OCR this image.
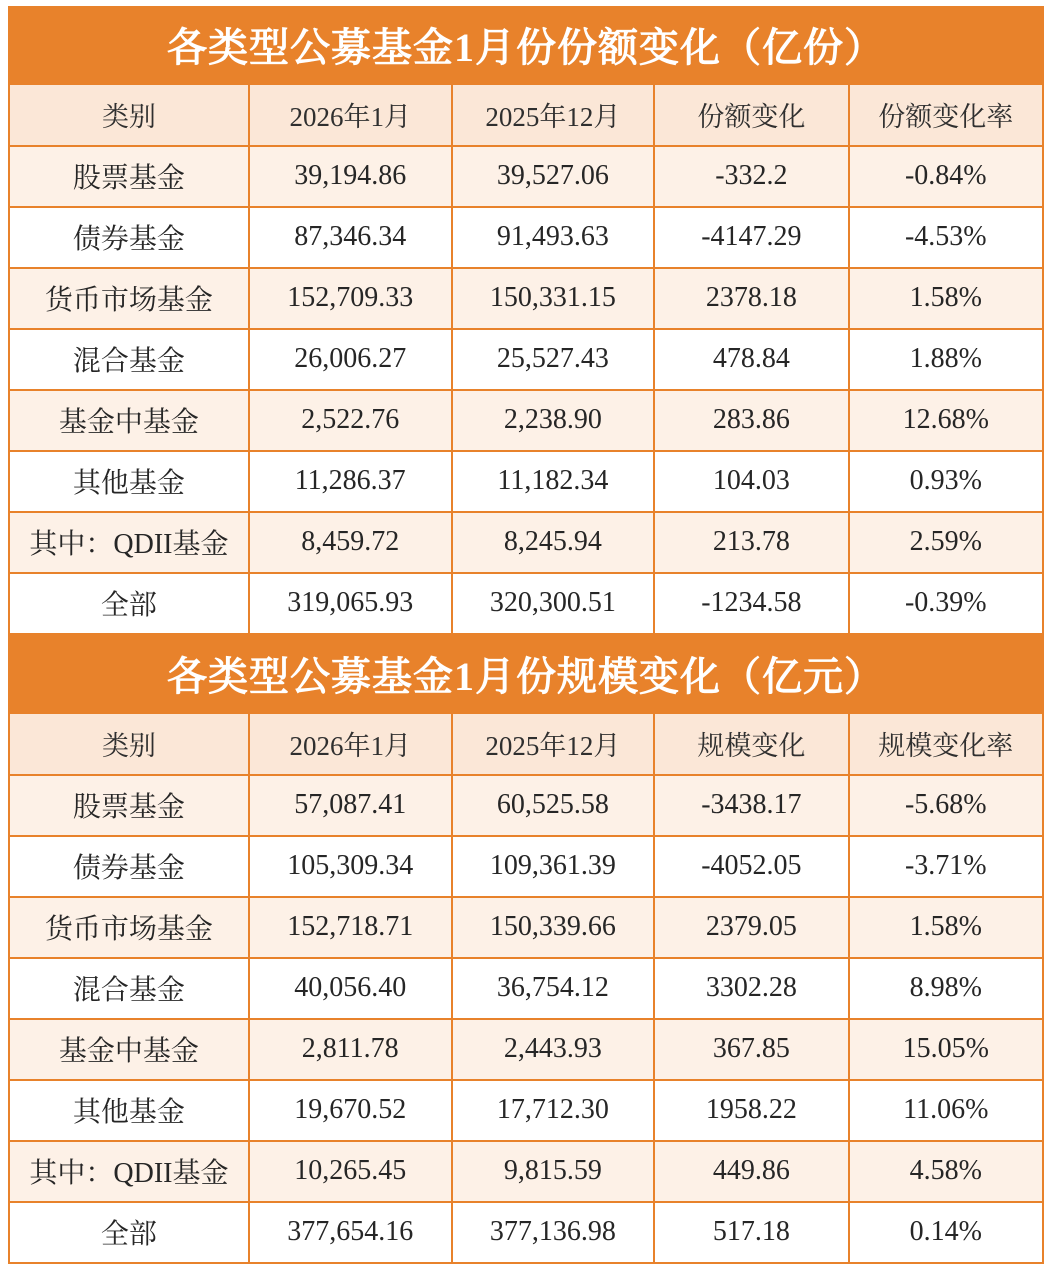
各类型公募基金1月份份额变化（亿份）				
类别	2026年1月	2025年12月	份额变化	份额变化率
股票基金	39,194.86	39,527.06	-332.2	-0.84%
债券基金	87,346.34	91,493.63	-4147.29	-4.53%
货币市场基金	152,709.33	150,331.15	2378.18	1.58%
混合基金	26,006.27	25,527.43	478.84	1.88%
基金中基金	2,522.76	2,238.90	283.86	12.68%
其他基金	11,286.37	11,182.34	104.03	0.93%
其中：QDII基金	8,459.72	8,245.94	213.78	2.59%
全部	319,065.93	320,300.51	-1234.58	-0.39%
各类型公募基金1月份规模变化（亿元）				
类别	2026年1月	2025年12月	规模变化	规模变化率
股票基金	57,087.41	60,525.58	-3438.17	-5.68%
债券基金	105,309.34	109,361.39	-4052.05	-3.71%
货币市场基金	152,718.71	150,339.66	2379.05	1.58%
混合基金	40,056.40	36,754.12	3302.28	8.98%
基金中基金	2,811.78	2,443.93	367.85	15.05%
其他基金	19,670.52	17,712.30	1958.22	11.06%
其中：QDII基金	10,265.45	9,815.59	449.86	4.58%
全部	377,654.16	377,136.98	517.18	0.14%
